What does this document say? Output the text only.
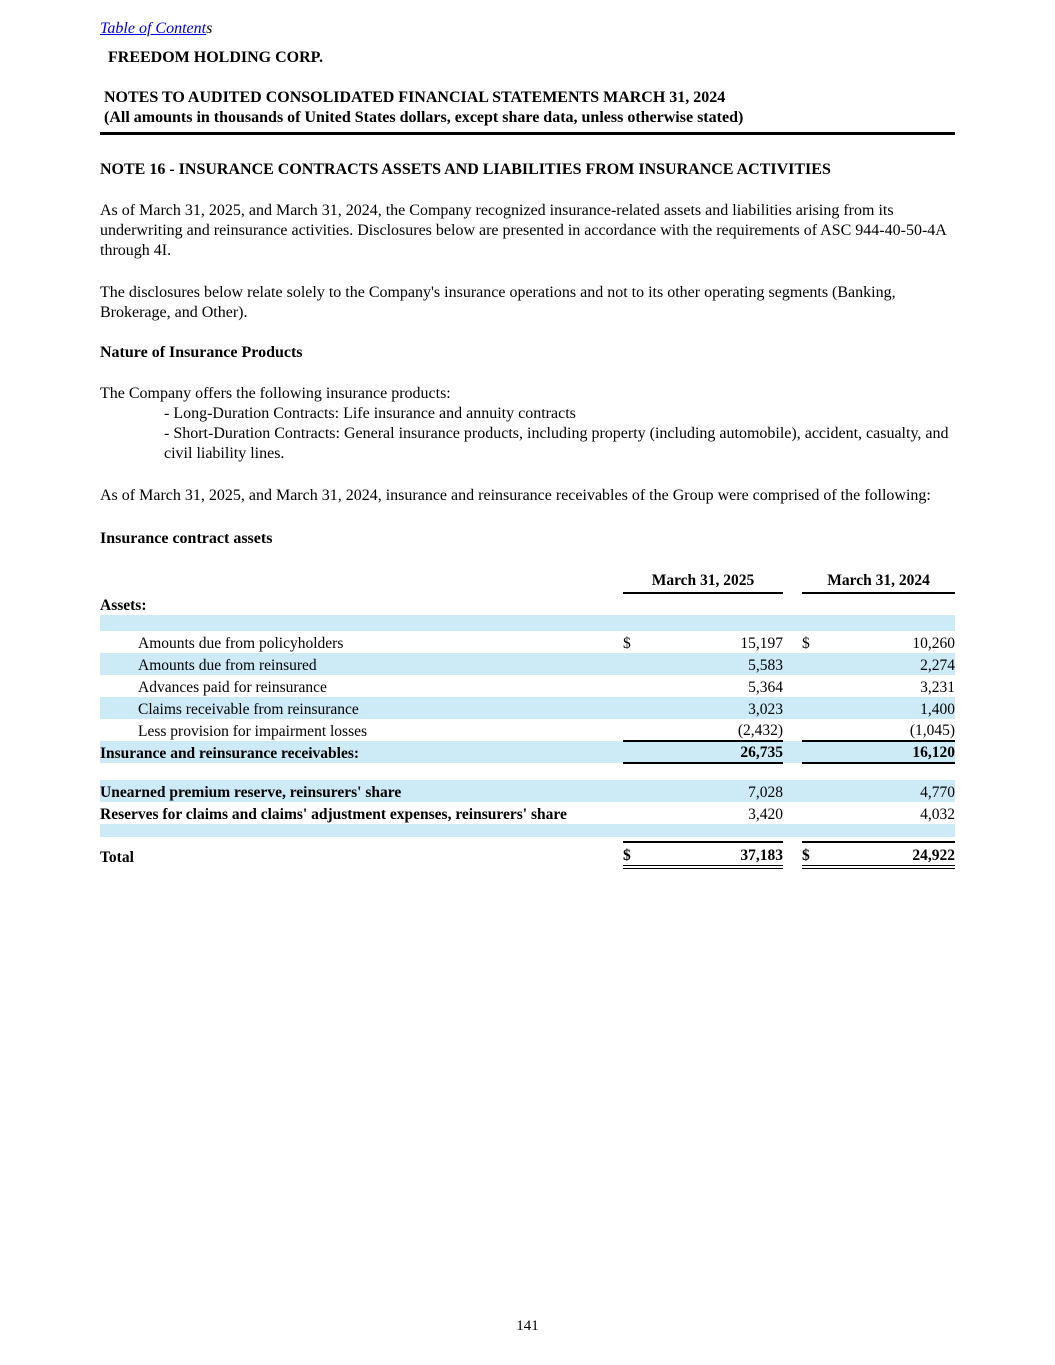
Table of Contents
FREEDOM HOLDING CORP.
NOTES TO AUDITED CONSOLIDATED FINANCIAL STATEMENTS MARCH 31, 2024
(All amounts in thousands of United States dollars, except share data, unless otherwise stated)
NOTE 16 - INSURANCE CONTRACTS ASSETS AND LIABILITIES FROM INSURANCE ACTIVITIES

As of March 31, 2025, and March 31, 2024, the Company recognized insurance-related assets and liabilities arising from its underwriting and reinsurance activities. Disclosures below are presented in accordance with the requirements of ASC 944-40-50-4A through 4I.

The disclosures below relate solely to the Company's insurance operations and not to its other operating segments (Banking, Brokerage, and Other).

Nature of Insurance Products

The Company offers the following insurance products:

- Long-Duration Contracts: Life insurance and annuity contracts
- Short-Duration Contracts: General insurance products, including property (including automobile), accident, casualty, and civil liability lines.

As of March 31, 2025, and March 31, 2024, insurance and reinsurance receivables of the Group were comprised of the following:

Insurance contract assets
	March 31, 2025			March 31, 2024	
Assets:					

Amounts due from policyholders	$	15,197		$	10,260
Amounts due from reinsured		5,583			2,274
Advances paid for reinsurance		5,364			3,231
Claims receivable from reinsurance		3,023			1,400
Less provision for impairment losses		(2,432)			(1,045)
Insurance and reinsurance receivables:		26,735			16,120

Unearned premium reserve, reinsurers' share		7,028			4,770
Reserves for claims and claims' adjustment expenses, reinsurers' share		3,420			4,032

Total	$	37,183		$	24,922
141
